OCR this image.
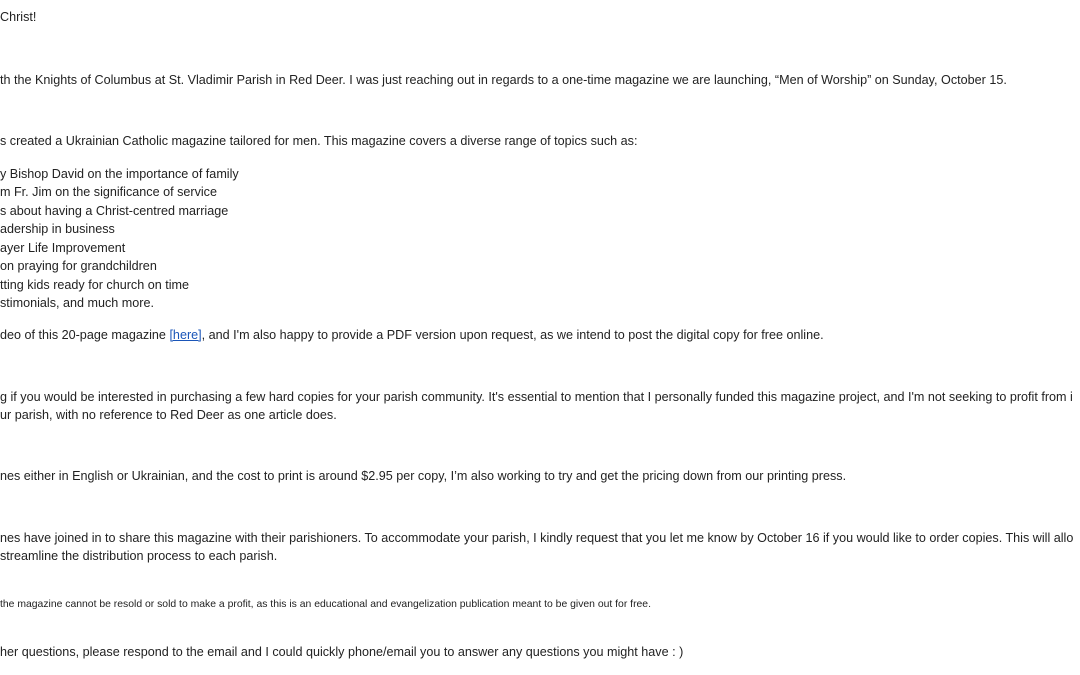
Christ!
th the Knights of Columbus at St. Vladimir Parish in Red Deer. I was just reaching out in regards to a one-time magazine we are launching, “Men of Worship” on Sunday, October 15.
s created a Ukrainian Catholic magazine tailored for men. This magazine covers a diverse range of topics such as:
y Bishop David on the importance of family
m Fr. Jim on the significance of service
s about having a Christ-centred marriage
adership in business
ayer Life Improvement
on praying for grandchildren
tting kids ready for church on time
stimonials, and much more.
deo of this 20-page magazine [here], and I'm also happy to provide a PDF version upon request, as we intend to post the digital copy for free online.
g if you would be interested in purchasing a few hard copies for your parish community. It's essential to mention that I personally funded this magazine project, and I'm not seeking to profit from i
ur parish, with no reference to Red Deer as one article does.
nes either in English or Ukrainian, and the cost to print is around $2.95 per copy, I’m also working to try and get the pricing down from our printing press.
nes have joined in to share this magazine with their parishioners. To accommodate your parish, I kindly request that you let me know by October 16 if you would like to order copies. This will allo
streamline the distribution process to each parish.
the magazine cannot be resold or sold to make a profit, as this is an educational and evangelization publication meant to be given out for free.
her questions, please respond to the email and I could quickly phone/email you to answer any questions you might have : )
